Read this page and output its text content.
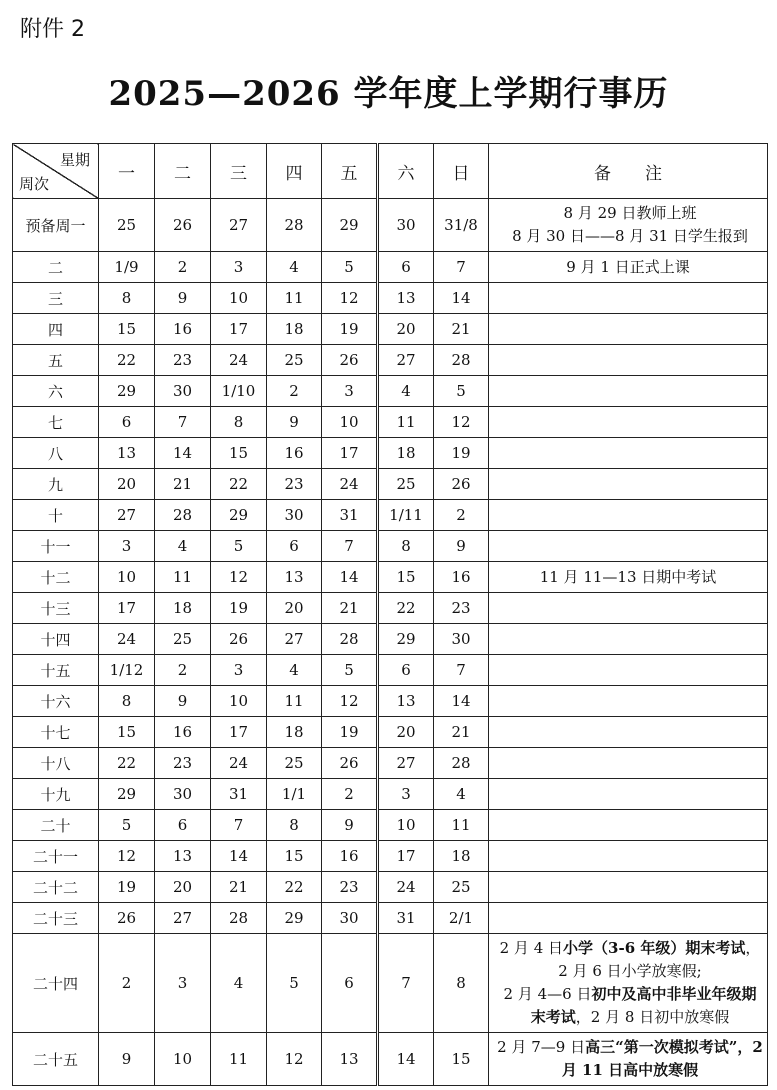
附件 2
2025—2026 学年度上学期行事历
星期
周次	一	二	三	四	五	六	日	备　　注
预备周一	25	26	27	28	29	30	31/8	8 月 29 日教师上班
8 月 30 日——8 月 31 日学生报到
二	1/9	2	3	4	5	6	7	9 月 1 日正式上课
三	8	9	10	11	12	13	14	
四	15	16	17	18	19	20	21	
五	22	23	24	25	26	27	28	
六	29	30	1/10	2	3	4	5	
七	6	7	8	9	10	11	12	
八	13	14	15	16	17	18	19	
九	20	21	22	23	24	25	26	
十	27	28	29	30	31	1/11	2	
十一	3	4	5	6	7	8	9	
十二	10	11	12	13	14	15	16	11 月 11—13 日期中考试
十三	17	18	19	20	21	22	23	
十四	24	25	26	27	28	29	30	
十五	1/12	2	3	4	5	6	7	
十六	8	9	10	11	12	13	14	
十七	15	16	17	18	19	20	21	
十八	22	23	24	25	26	27	28	
十九	29	30	31	1/1	2	3	4	
二十	5	6	7	8	9	10	11	
二十一	12	13	14	15	16	17	18	
二十二	19	20	21	22	23	24	25	
二十三	26	27	28	29	30	31	2/1	
二十四	2	3	4	5	6	7	8	2 月 4 日小学（3-6 年级）期末考试，2 月 6 日小学放寒假;
2 月 4—6 日初中及高中非毕业年级期末考试，2 月 8 日初中放寒假
二十五	9	10	11	12	13	14	15	2 月 7—9 日高三“第一次模拟考试”，2 月 11 日高中放寒假
